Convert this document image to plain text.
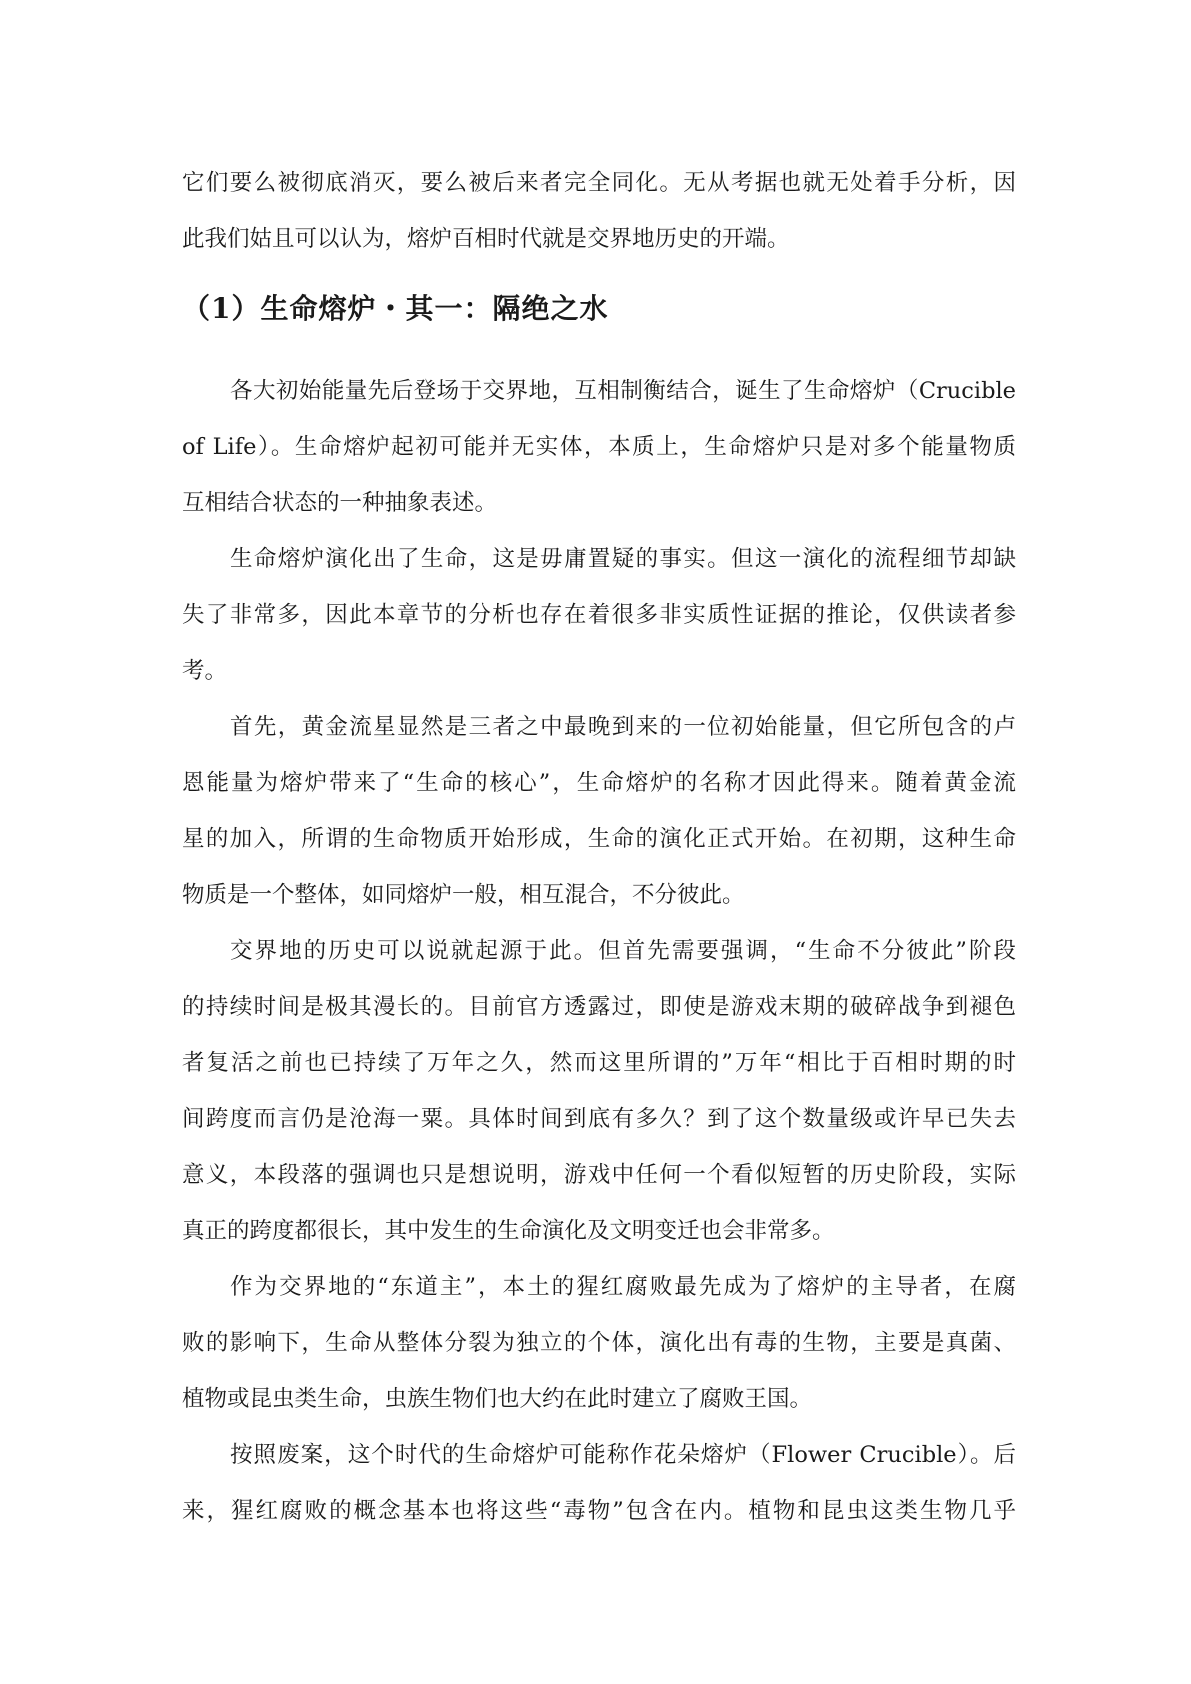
它们要么被彻底消灭，要么被后来者完全同化。无从考据也就无处着手分析，因
此我们姑且可以认为，熔炉百相时代就是交界地历史的开端。
（1）生命熔炉・其一：隔绝之水
各大初始能量先后登场于交界地，互相制衡结合，诞生了生命熔炉（Crucible
of Life）。生命熔炉起初可能并无实体，本质上，生命熔炉只是对多个能量物质
互相结合状态的一种抽象表述。
生命熔炉演化出了生命，这是毋庸置疑的事实。但这一演化的流程细节却缺
失了非常多，因此本章节的分析也存在着很多非实质性证据的推论，仅供读者参
考。
首先，黄金流星显然是三者之中最晚到来的一位初始能量，但它所包含的卢
恩能量为熔炉带来了“生命的核心”，生命熔炉的名称才因此得来。随着黄金流
星的加入，所谓的生命物质开始形成，生命的演化正式开始。在初期，这种生命
物质是一个整体，如同熔炉一般，相互混合，不分彼此。
交界地的历史可以说就起源于此。但首先需要强调，“生命不分彼此”阶段
的持续时间是极其漫长的。目前官方透露过，即使是游戏末期的破碎战争到褪色
者复活之前也已持续了万年之久，然而这里所谓的”万年“相比于百相时期的时
间跨度而言仍是沧海一粟。具体时间到底有多久？到了这个数量级或许早已失去
意义，本段落的强调也只是想说明，游戏中任何一个看似短暂的历史阶段，实际
真正的跨度都很长，其中发生的生命演化及文明变迁也会非常多。
作为交界地的“东道主”，本土的猩红腐败最先成为了熔炉的主导者，在腐
败的影响下，生命从整体分裂为独立的个体，演化出有毒的生物，主要是真菌、
植物或昆虫类生命，虫族生物们也大约在此时建立了腐败王国。
按照废案，这个时代的生命熔炉可能称作花朵熔炉（Flower Crucible）。后
来，猩红腐败的概念基本也将这些“毒物”包含在内。植物和昆虫这类生物几乎
